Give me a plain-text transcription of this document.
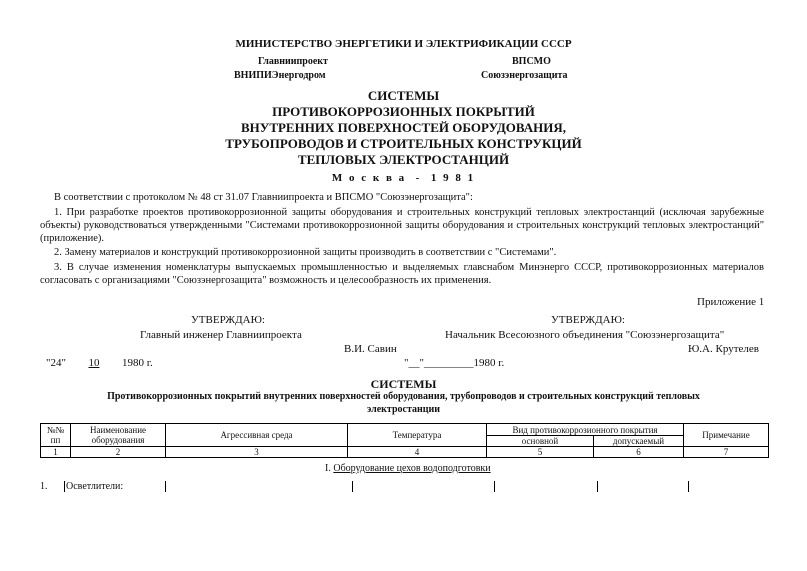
МИНИСТЕРСТВО ЭНЕРГЕТИКИ И ЭЛЕКТРИФИКАЦИИ СССР
Главниипроект
ВНИПИЭнергодром
ВПСМО
Союзэнергозащита
СИСТЕМЫ
ПРОТИВОКОРРОЗИОННЫХ ПОКРЫТИЙ
ВНУТРЕННИХ ПОВЕРХНОСТЕЙ ОБОРУДОВАНИЯ,
ТРУБОПРОВОДОВ И СТРОИТЕЛЬНЫХ КОНСТРУКЦИЙ
ТЕПЛОВЫХ ЭЛЕКТРОСТАНЦИЙ
М о с к в а  -  1 9 8 1
В соответствии с протоколом № 48 ст 31.07 Главниипроекта и ВПСМО "Союзэнергозащита":
1. При разработке проектов противокоррозионной защиты оборудования и строительных конструкций тепловых электростанций (исключая зарубежные объекты) руководствоваться утвержденными "Системами противокоррозионной защиты оборудования и строительных конструкций тепловых электростанций" (приложение).
2. Замену материалов и конструкций противокоррозионной защиты производить в соответствии с "Системами".
3. В случае изменения номенклатуры выпускаемых промышленностью и выделяемых главснабом Минэнерго СССР, противокоррозионных материалов согласовать с организациями "Союзэнергозащита" возможность и целесообразность их применения.
Приложение 1
УТВЕРЖДАЮ:
Главный инженер Главниипроекта
В.И. Савин
"24" 10 1980 г.
УТВЕРЖДАЮ:
Начальник Всесоюзного объединения "Союзэнергозащита"
Ю.А. Крутелев
"__"_________1980 г.
СИСТЕМЫ
Противокоррозионных покрытий внутренних поверхностей оборудования, трубопроводов и строительных конструкций тепловых
электростанции
№№ пп	Наименование оборудования	Агрессивная среда	Температура	Вид противокоррозионного покрытия		Примечание
				основной	допускаемый	
1	2	3	4	5	6	7
I. Оборудование цехов водоподготовки
1. Осветлители:
